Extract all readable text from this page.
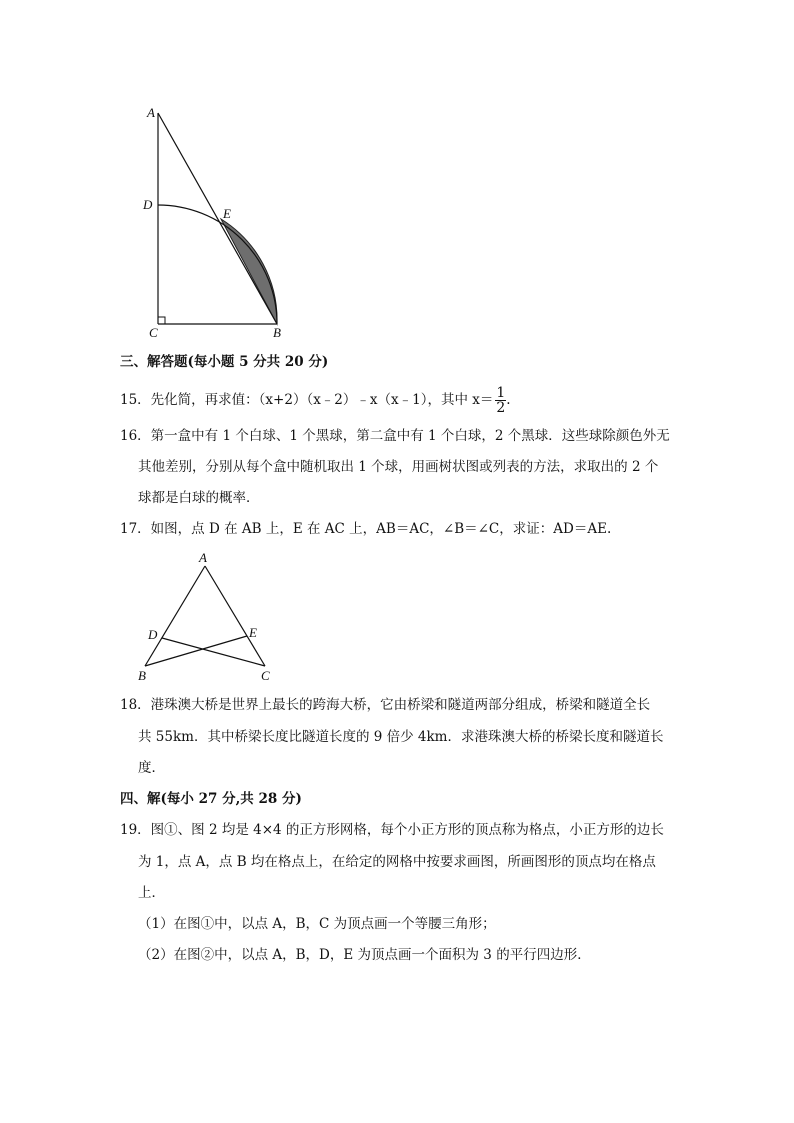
A
D
E
C	B
三、解答题(每小题 5 分共 20 分)
15．先化简，再求值：（x+2）（x﹣2）﹣x（x﹣1），其中 $x= \frac{1}{2}$ .
16．第一盒中有 1 个白球、1 个黑球，第二盒中有 1 个白球，2 个黑球．这些球除颜色外无
其他差别，分别从每个盒中随机取出 1 个球，用画树状图或列表的方法，求取出的 2 个
球都是白球的概率．
17．如图，点 D 在 AB 上，E 在 AC 上，AB＝AC，∠B＝∠C，求证：AD＝AE.
A
D	E
B	C
18．港珠澳大桥是世界上最长的跨海大桥，它由桥梁和隧道两部分组成，桥梁和隧道全长
共 55km．其中桥梁长度比隧道长度的 9 倍少 4km．求港珠澳大桥的桥梁长度和隧道长
度．
四、解(每小 27 分,共 28 分)
19．图①、图 2 均是 4×4 的正方形网格，每个小正方形的顶点称为格点，小正方形的边长
为 1，点 A，点 B 均在格点上，在给定的网格中按要求画图，所画图形的顶点均在格点
上．
（1）在图①中，以点 A，B，C 为顶点画一个等腰三角形；
（2）在图②中，以点 A，B，D，E 为顶点画一个面积为 3 的平行四边形．
